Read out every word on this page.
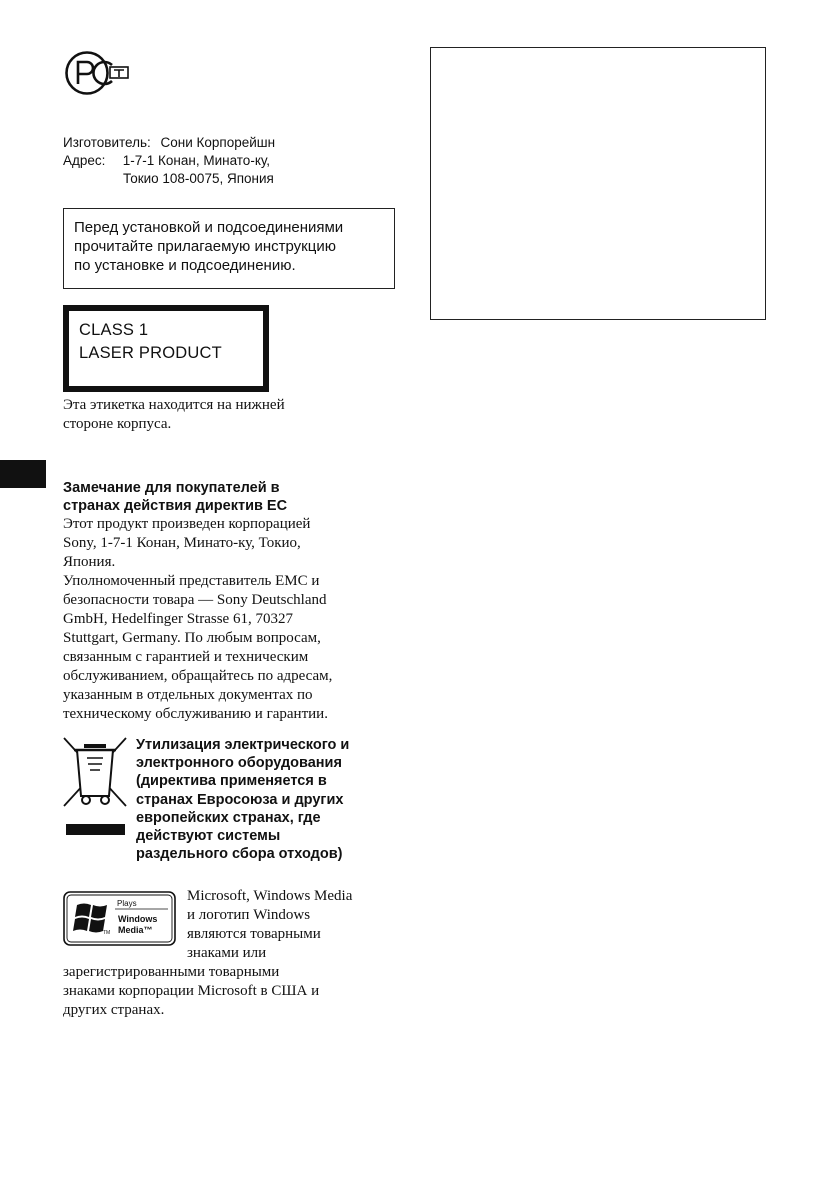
Изготовитель: Сони Корпорейшн
Адрес: 1-7-1 Конан, Минато-ку,
Токио 108-0075, Япония
Перед установкой и подсоединениями
прочитайте прилагаемую инструкцию
по установке и подсоединению.
CLASS 1
LASER PRODUCT
Эта этикетка находится на нижней
стороне корпуса.
Замечание для покупателей в
странах действия директив ЕС

Этот продукт произведен корпорацией

Sony, 1-7-1 Конан, Минато-ку, Токио,

Япония.

Уполномоченный представитель EMC и

безопасности товара — Sony Deutschland

GmbH, Hedelfinger Strasse 61, 70327

Stuttgart, Germany. По любым вопросам,

связанным с гарантией и техническим

обслуживанием, обращайтесь по адресам,

указанным в отдельных документах по

техническому обслуживанию и гарантии.

Утилизация электрического и
электронного оборудования
(директива применяется в
странах Евросоюза и других
европейских странах, где
действуют системы
раздельного сбора отходов)
Plays
Windows
Media™
TM
Microsoft, Windows Media
и логотип Windows
являются товарными
знаками или
зарегистрированными товарными
знаками корпорации Microsoft в США и
других странах.
